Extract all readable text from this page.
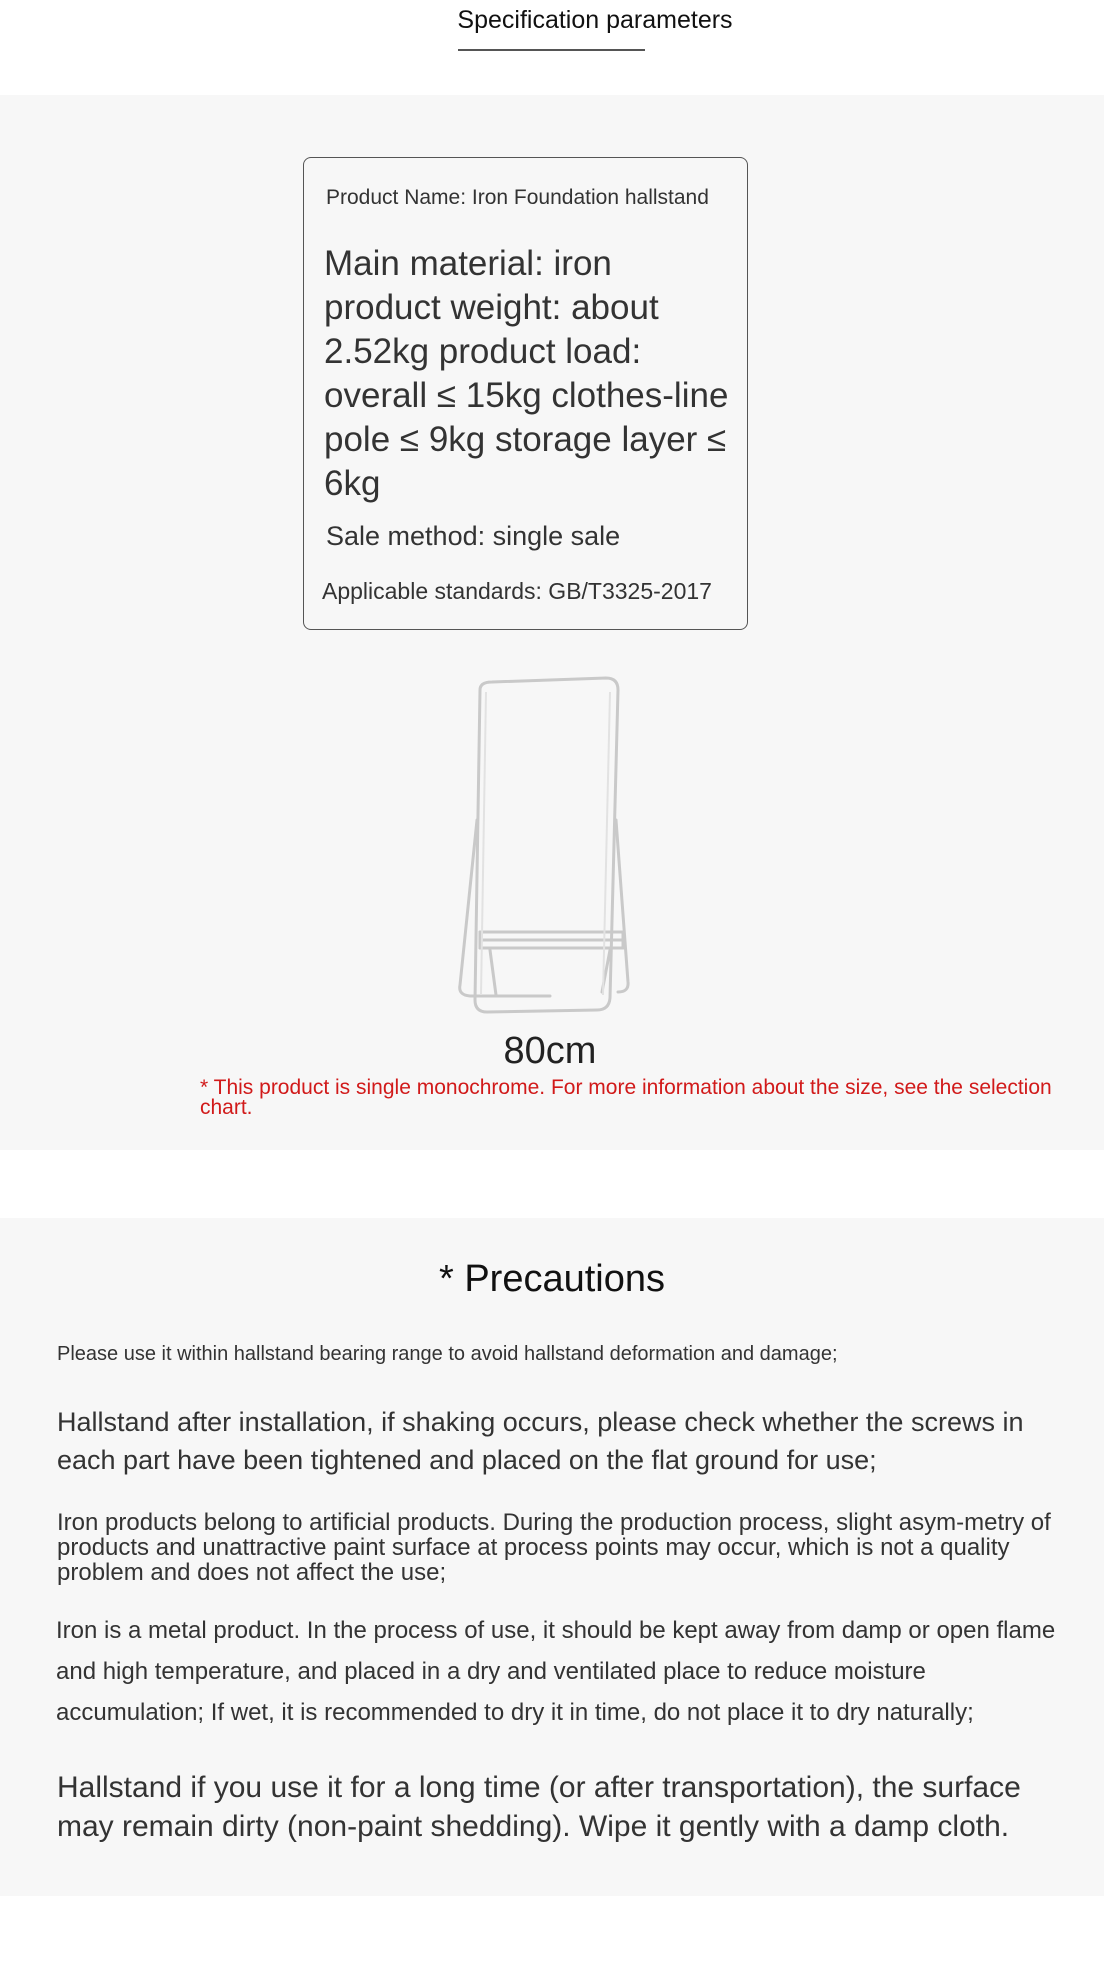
Specification parameters
Product Name: Iron Foundation hallstand
Main material: iron product weight: about 2.52kg product load: overall ≤ 15kg clothes-line pole ≤ 9kg storage layer ≤ 6kg
Sale method: single sale
Applicable standards: GB/T3325-2017
80cm
* This product is single monochrome. For more information about the size, see the selection chart.
* Precautions
Please use it within hallstand bearing range to avoid hallstand deformation and damage;
Hallstand after installation, if shaking occurs, please check whether the screws in each part have been tightened and placed on the flat ground for use;
Iron products belong to artificial products. During the production process, slight asym-metry of products and unattractive paint surface at process points may occur, which is not a quality problem and does not affect the use;
Iron is a metal product. In the process of use, it should be kept away from damp or open flame and high temperature, and placed in a dry and ventilated place to reduce moisture accumulation; If wet, it is recommended to dry it in time, do not place it to dry naturally;
Hallstand if you use it for a long time (or after transportation), the surface may remain dirty (non-paint shedding). Wipe it gently with a damp cloth.
